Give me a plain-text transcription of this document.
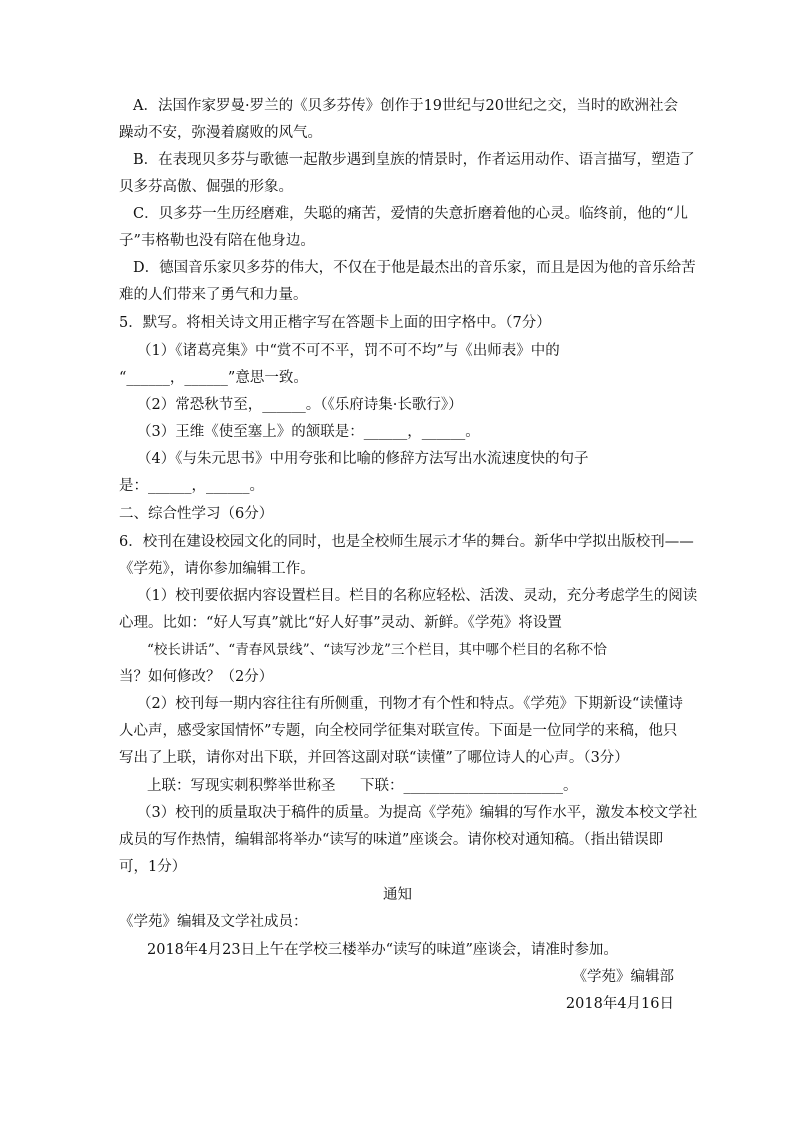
A．法国作家罗曼·罗兰的《贝多芬传》创作于19世纪与20世纪之交，当时的欧洲社会
躁动不安，弥漫着腐败的风气。
B．在表现贝多芬与歌德一起散步遇到皇族的情景时，作者运用动作、语言描写，塑造了
贝多芬高傲、倔强的形象。
C．贝多芬一生历经磨难，失聪的痛苦，爱情的失意折磨着他的心灵。临终前，他的“儿
子”韦格勒也没有陪在他身边。
D．德国音乐家贝多芬的伟大，不仅在于他是最杰出的音乐家，而且是因为他的音乐给苦
难的人们带来了勇气和力量。
5．默写。将相关诗文用正楷字写在答题卡上面的田字格中。（7分）
（1）《诸葛亮集》中“赏不可不平，罚不可不均”与《出师表》中的
“______，______”意思一致。
（2）常恐秋节至，______。（《乐府诗集·长歌行》）
（3）王维《使至塞上》的颔联是：______，______。
（4）《与朱元思书》中用夸张和比喻的修辞方法写出水流速度快的句子
是：______，______。
二、综合性学习（6分）
6．校刊在建设校园文化的同时，也是全校师生展示才华的舞台。新华中学拟出版校刊——
《学苑》，请你参加编辑工作。
（1）校刊要依据内容设置栏目。栏目的名称应轻松、活泼、灵动，充分考虑学生的阅读
心理。比如：“好人写真”就比“好人好事”灵动、新鲜。《学苑》将设置
“校长讲话”、“青春风景线”、“读写沙龙”三个栏目，其中哪个栏目的名称不恰
当？如何修改？（2分）
（2）校刊每一期内容往往有所侧重，刊物才有个性和特点。《学苑》下期新设“读懂诗
人心声，感受家国情怀”专题，向全校同学征集对联宣传。下面是一位同学的来稿，他只
写出了上联，请你对出下联，并回答这副对联“读懂”了哪位诗人的心声。（3分）
上联：写现实刺积弊举世称圣 下联：______________________。
（3）校刊的质量取决于稿件的质量。为提高《学苑》编辑的写作水平，激发本校文学社
成员的写作热情，编辑部将举办“读写的味道”座谈会。请你校对通知稿。（指出错误即
可，1分）
通知
《学苑》编辑及文学社成员：
2018年4月23日上午在学校三楼举办“读写的味道”座谈会，请准时参加。
《学苑》编辑部
2018年4月16日
